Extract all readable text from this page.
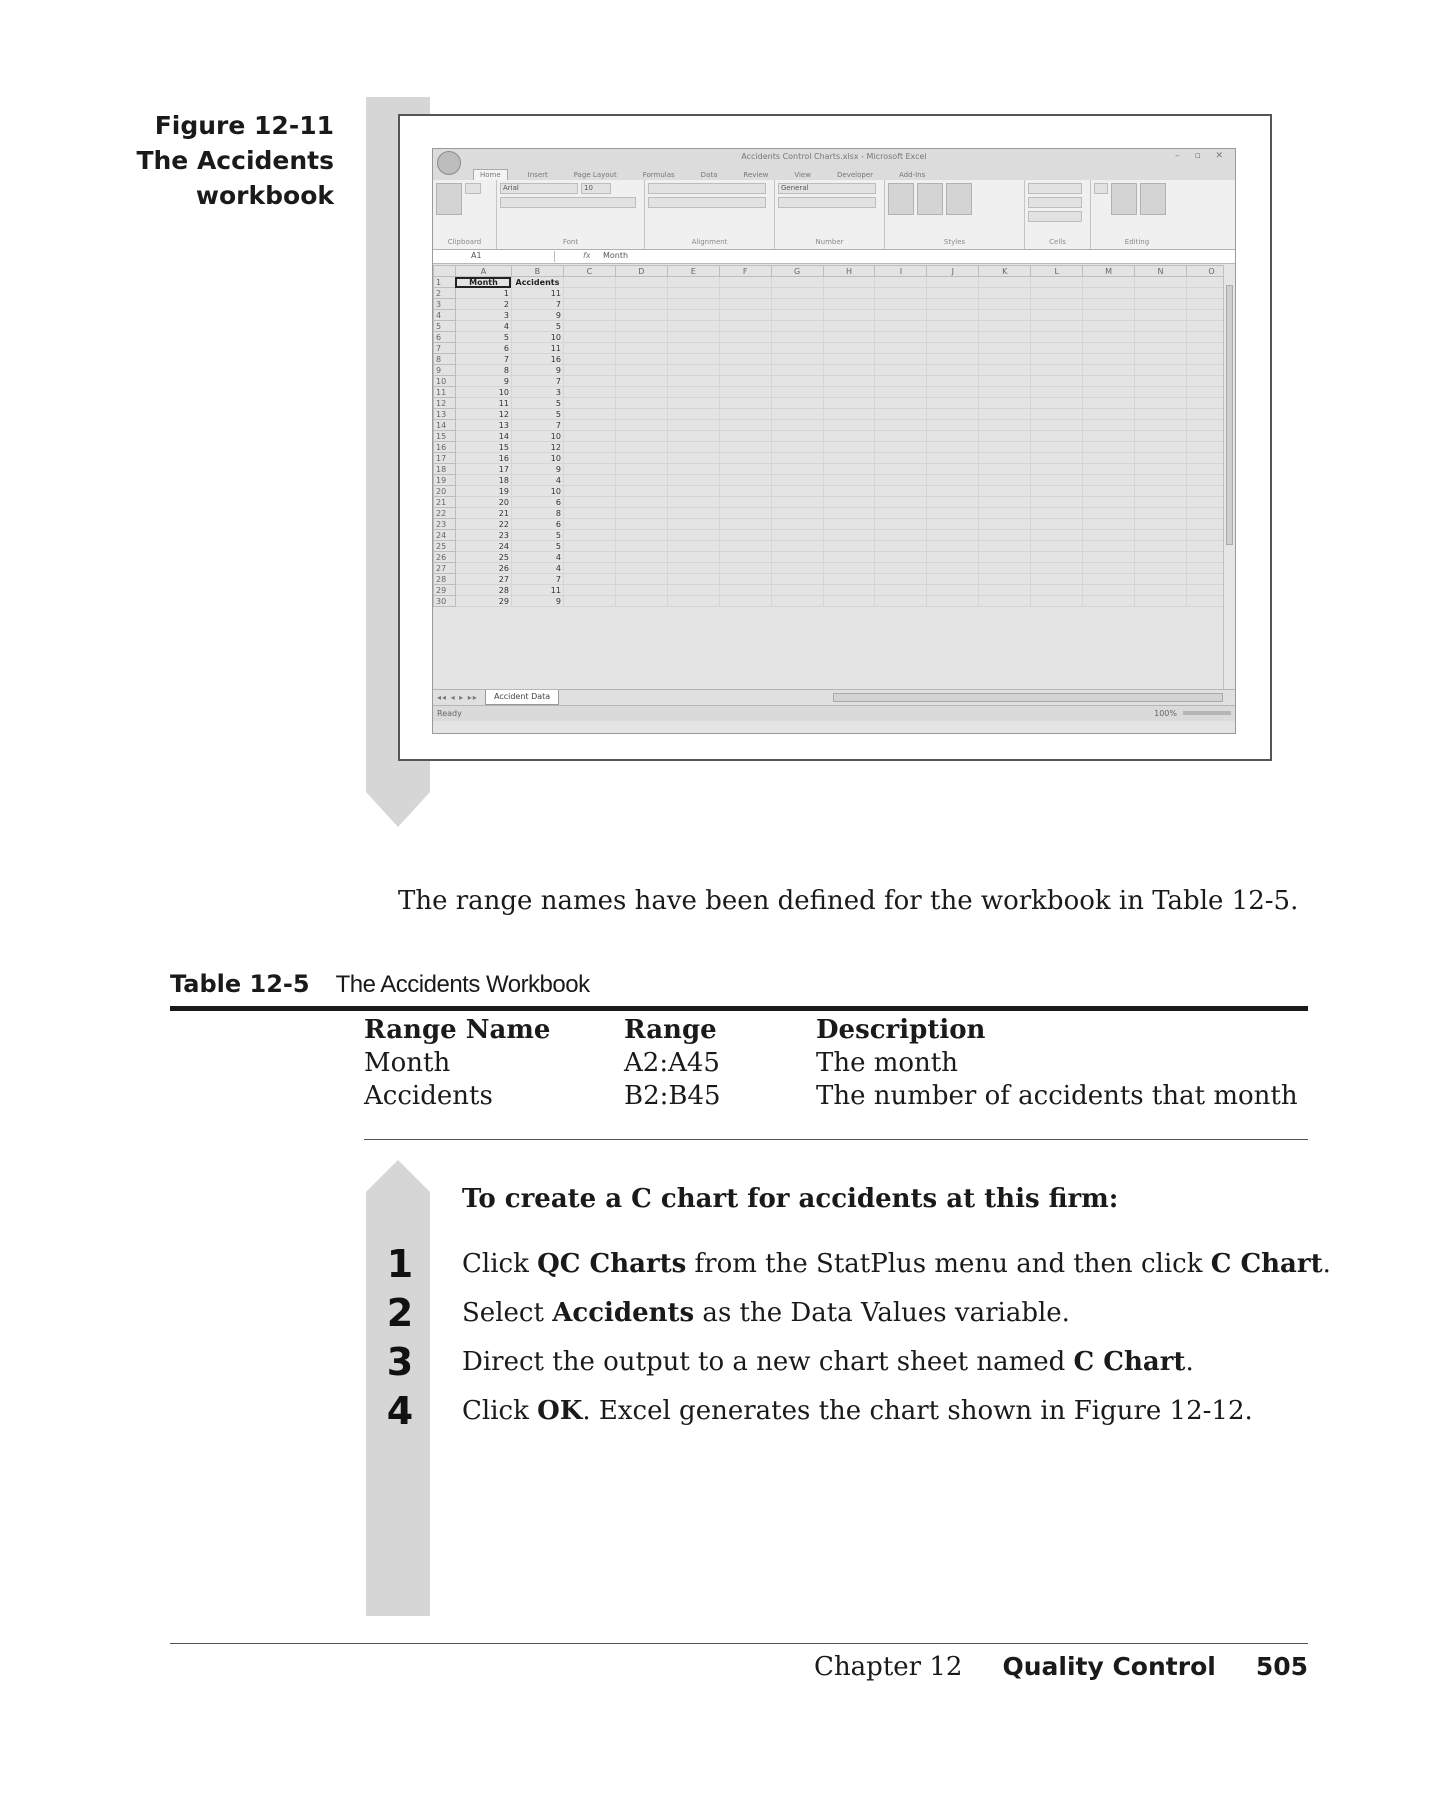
Figure 12-11
The Accidents
workbook
Accidents Control Charts.xlsx - Microsoft Excel	– ▫ ✕
Home	Insert	Page Layout	Formulas	Data	Review	View	Developer	Add-Ins
Clipboard
Arial	10
Font	Alignment
General
Number	Styles	Cells	Editing
A1	fx Month
	A	B	C	D	E	F	G	H	I	J	K	L	M	N	O
1	Month	Accidents													
2	1	11													
3	2	7													
4	3	9													
5	4	5													
6	5	10													
7	6	11													
8	7	16													
9	8	9													
10	9	7													
11	10	3													
12	11	5													
13	12	5													
14	13	7													
15	14	10													
16	15	12													
17	16	10													
18	17	9													
19	18	4													
20	19	10													
21	20	6													
22	21	8													
23	22	6													
24	23	5													
25	24	5													
26	25	4													
27	26	4													
28	27	7													
29	28	11													
30	29	9													
◂◂ ◂ ▸ ▸▸	Accident Data
Ready	100%
The range names have been defined for the workbook in Table 12-5.
Table 12-5 The Accidents Workbook
Range Name	Range	Description
Month	A2:A45	The month
Accidents	B2:B45	The number of accidents that month
To create a C chart for accidents at this firm:
1 Click QC Charts from the StatPlus menu and then click C Chart.
2 Select Accidents as the Data Values variable.
3 Direct the output to a new chart sheet named C Chart.
4 Click OK. Excel generates the chart shown in Figure 12-12.
Chapter 12 Quality Control 505
